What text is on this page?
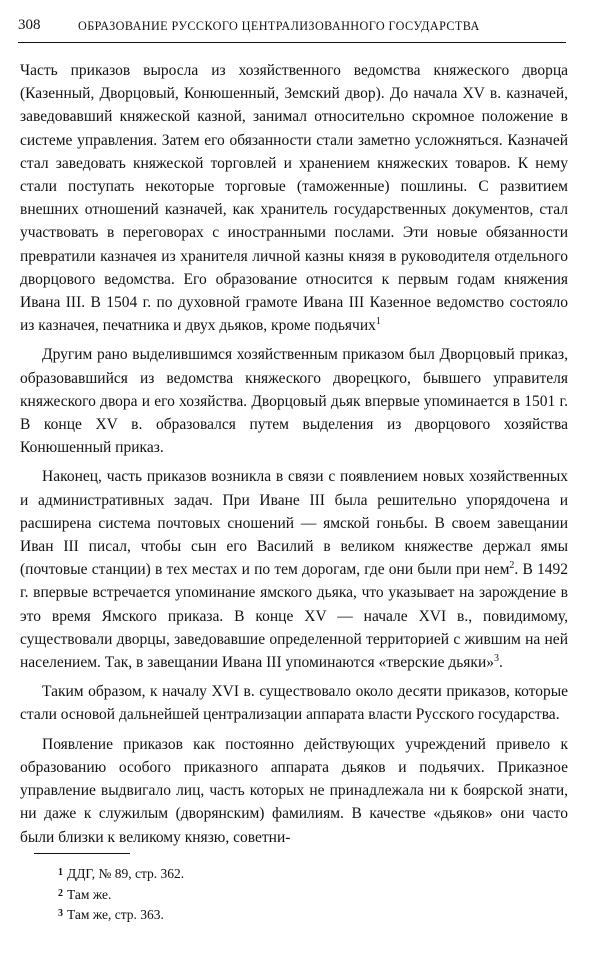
308	ОБРАЗОВАНИЕ РУССКОГО ЦЕНТРАЛИЗОВАННОГО ГОСУДАРСТВА

Часть приказов выросла из хозяйственного ведомства княжеского дворца (Казенный, Дворцовый, Конюшенный, Земский двор). До начала XV в. казначей, заведовавший княжеской казной, занимал относительно скромное положение в системе управления. Затем его обязанности стали заметно усложняться. Казначей стал заведовать княжеской торговлей и хранением княжеских товаров. К нему стали поступать некоторые торговые (таможенные) пошлины. С развитием внешних отношений казначей, как хранитель государственных документов, стал участвовать в переговорах с иностранными послами. Эти новые обязанности превратили казначея из хранителя личной казны князя в руководителя отдельного дворцового ведомства. Его образование относится к первым годам княжения Ивана III. В 1504 г. по духовной грамоте Ивана III Казенное ведомство состояло из казначея, печатника и двух дьяков, кроме подьячих$^1$

Другим рано выделившимся хозяйственным приказом был Дворцовый приказ, образовавшийся из ведомства княжеского дворецкого, бывшего управителя княжеского двора и его хозяйства. Дворцовый дьяк впервые упоминается в 1501 г. В конце XV в. образовался путем выделения из дворцового хозяйства Конюшенный приказ.

Наконец, часть приказов возникла в связи с появлением новых хозяйственных и административных задач. При Иване III была решительно упорядочена и расширена система почтовых сношений — ямской гоньбы. В своем завещании Иван III писал, чтобы сын его Василий в великом княжестве держал ямы (почтовые станции) в тех местах и по тем дорогам, где они были при нем$^2$. В 1492 г. впервые встречается упоминание ямского дьяка, что указывает на зарождение в это время Ямского приказа. В конце XV — начале XVI в., повидимому, существовали дворцы, заведовавшие определенной территорией с жившим на ней населением. Так, в завещании Ивана III упоминаются «тверские дьяки»$^3$.

Таким образом, к началу XVI в. существовало около десяти приказов, которые стали основой дальнейшей централизации аппарата власти Русского государства.

Появление приказов как постоянно действующих учреждений привело к образованию особого приказного аппарата дьяков и подьячих. Приказное управление выдвигало лиц, часть которых не принадлежала ни к боярской знати, ни даже к служилым (дворянским) фамилиям. В качестве «дьяков» они часто были близки к великому князю, советни-

$^1$ ДДГ, № 89, стр. 362.

$^2$ Там же.

$^3$ Там же, стр. 363.
